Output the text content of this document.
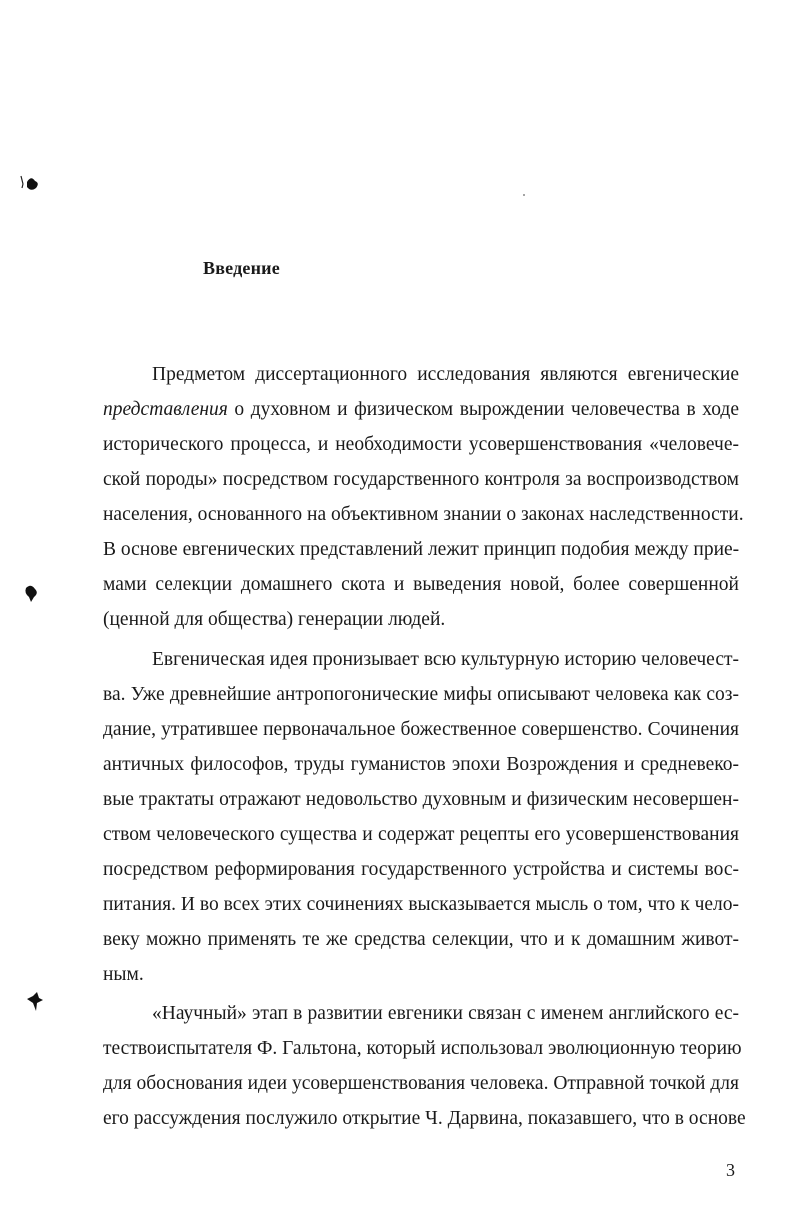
Введение
Предметом диссертационного исследования являются евгенические
представления о духовном и физическом вырождении человечества в ходе
исторического процесса, и необходимости усовершенствования «человече-
ской породы» посредством государственного контроля за воспроизводством
населения, основанного на объективном знании о законах наследственности.
В основе евгенических представлений лежит принцип подобия между прие-
мами селекции домашнего скота и выведения новой, более совершенной
(ценной для общества) генерации людей.
Евгеническая идея пронизывает всю культурную историю человечест-
ва. Уже древнейшие антропогонические мифы описывают человека как соз-
дание, утратившее первоначальное божественное совершенство. Сочинения
античных философов, труды гуманистов эпохи Возрождения и средневеко-
вые трактаты отражают недовольство духовным и физическим несовершен-
ством человеческого существа и содержат рецепты его усовершенствования
посредством реформирования государственного устройства и системы вос-
питания. И во всех этих сочинениях высказывается мысль о том, что к чело-
веку можно применять те же средства селекции, что и к домашним живот-
ным.
«Научный» этап в развитии евгеники связан с именем английского ес-
тествоиспытателя Ф. Гальтона, который использовал эволюционную теорию
для обоснования идеи усовершенствования человека. Отправной точкой для
его рассуждения послужило открытие Ч. Дарвина, показавшего, что в основе
3
